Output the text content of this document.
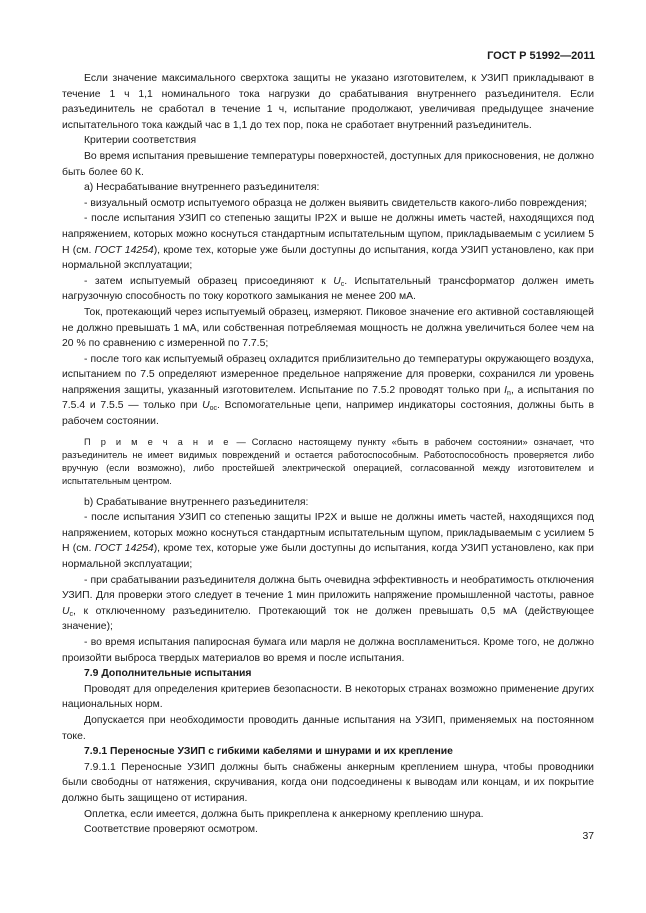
ГОСТ Р 51992—2011
Если значение максимального сверхтока защиты не указано изготовителем, к УЗИП прикладывают в течение 1 ч 1,1 номинального тока нагрузки до срабатывания внутреннего разъединителя. Если разъединитель не сработал в течение 1 ч, испытание продолжают, увеличивая предыдущее значение испытательного тока каждый час в 1,1 до тех пор, пока не сработает внутренний разъединитель.
Критерии соответствия
Во время испытания превышение температуры поверхностей, доступных для прикосновения, не должно быть более 60 К.
а) Несрабатывание внутреннего разъединителя:
- визуальный осмотр испытуемого образца не должен выявить свидетельств какого-либо повреждения;
- после испытания УЗИП со степенью защиты IP2X и выше не должны иметь частей, находящихся под напряжением, которых можно коснуться стандартным испытательным щупом, прикладываемым с усилием 5 Н (см. ГОСТ 14254), кроме тех, которые уже были доступны до испытания, когда УЗИП установлено, как при нормальной эксплуатации;
- затем испытуемый образец присоединяют к $U_c$. Испытательный трансформатор должен иметь нагрузочную способность по току короткого замыкания не менее 200 мА.
Ток, протекающий через испытуемый образец, измеряют. Пиковое значение его активной составляющей не должно превышать 1 мА, или собственная потребляемая мощность не должна увеличиться более чем на 20 % по сравнению с измеренной по 7.7.5;
- после того как испытуемый образец охладится приблизительно до температуры окружающего воздуха, испытанием по 7.5 определяют измеренное предельное напряжение для проверки, сохранился ли уровень напряжения защиты, указанный изготовителем. Испытание по 7.5.2 проводят только при $I_n$, а испытания по 7.5.4 и 7.5.5 — только при $U_{oc}$. Вспомогательные цепи, например индикаторы состояния, должны быть в рабочем состоянии.
П р и м е ч а н и е — Согласно настоящему пункту «быть в рабочем состоянии» означает, что разъединитель не имеет видимых повреждений и остается работоспособным. Работоспособность проверяется либо вручную (если возможно), либо простейшей электрической операцией, согласованной между изготовителем и испытательным центром.
b) Срабатывание внутреннего разъединителя:
- после испытания УЗИП со степенью защиты IP2X и выше не должны иметь частей, находящихся под напряжением, которых можно коснуться стандартным испытательным щупом, прикладываемым с усилием 5 Н (см. ГОСТ 14254), кроме тех, которые уже были доступны до испытания, когда УЗИП установлено, как при нормальной эксплуатации;
- при срабатывании разъединителя должна быть очевидна эффективность и необратимость отключения УЗИП. Для проверки этого следует в течение 1 мин приложить напряжение промышленной частоты, равное $U_c$, к отключенному разъединителю. Протекающий ток не должен превышать 0,5 мА (действующее значение);
- во время испытания папиросная бумага или марля не должна воспламениться. Кроме того, не должно произойти выброса твердых материалов во время и после испытания.
7.9 Дополнительные испытания
Проводят для определения критериев безопасности. В некоторых странах возможно применение других национальных норм.
Допускается при необходимости проводить данные испытания на УЗИП, применяемых на постоянном токе.
7.9.1 Переносные УЗИП с гибкими кабелями и шнурами и их крепление
7.9.1.1 Переносные УЗИП должны быть снабжены анкерным креплением шнура, чтобы проводники были свободны от натяжения, скручивания, когда они подсоединены к выводам или концам, и их покрытие должно быть защищено от истирания.
Оплетка, если имеется, должна быть прикреплена к анкерному креплению шнура.
Соответствие проверяют осмотром.
37
